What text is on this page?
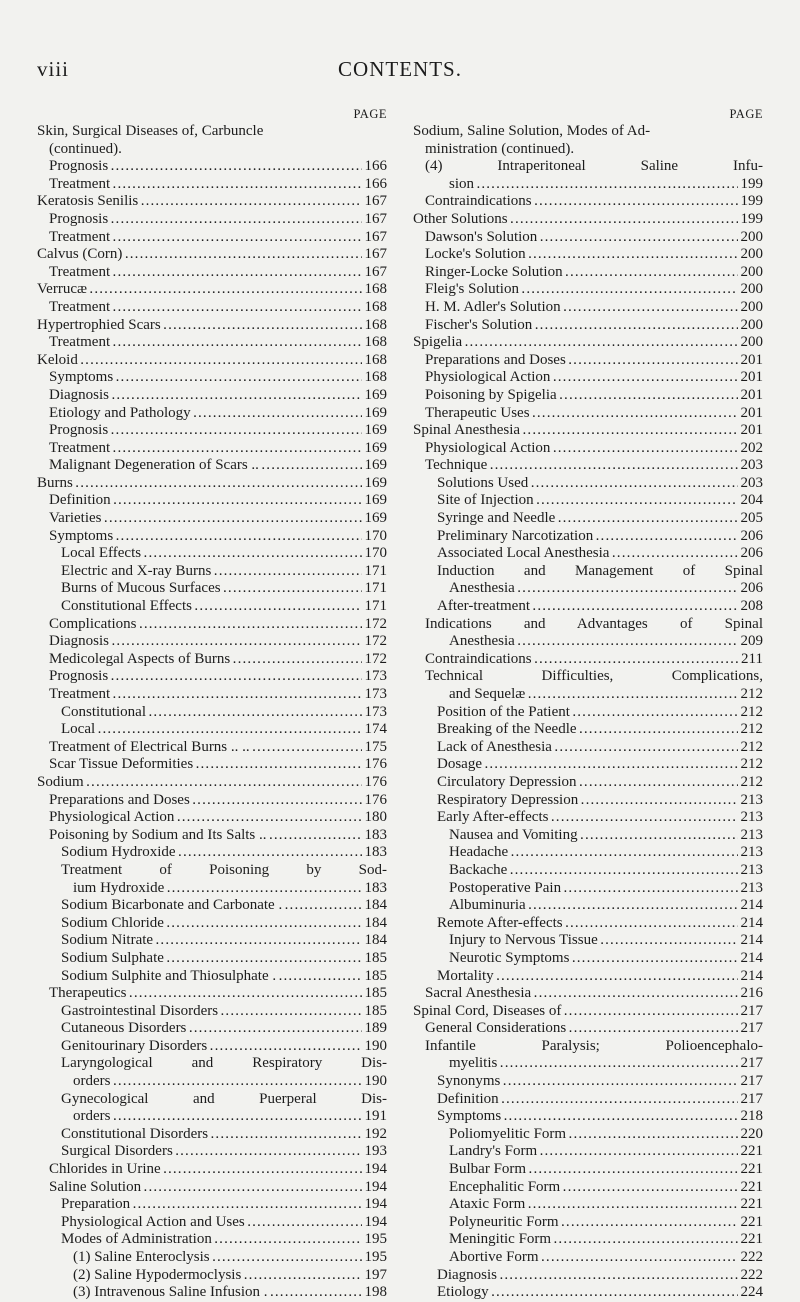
viii	CONTENTS.
PAGE
Skin, Surgical Diseases of, Carbuncle
(continued).
Prognosis . . .	166
Treatment . . .	166
Keratosis Senilis . . .	167
Prognosis . . .	167
Treatment . . .	167
Calvus (Corn) . . .	167
Treatment . . .	167
Verrucæ . . .	168
Treatment . . .	168
Hypertrophied Scars . . .	168
Treatment . . .	168
Keloid . . .	168
Symptoms . . .	168
Diagnosis . . .	169
Etiology and Pathology . . .	169
Prognosis . . .	169
Treatment . . .	169
Malignant Degeneration of Scars .. . . .	169
Burns . . .	169
Definition . . .	169
Varieties . . .	169
Symptoms . . .	170
Local Effects . . .	170
Electric and X-ray Burns . . .	171
Burns of Mucous Surfaces . . .	171
Constitutional Effects . . .	171
Complications . . .	172
Diagnosis . . .	172
Medicolegal Aspects of Burns . . .	172
Prognosis . . .	173
Treatment . . .	173
Constitutional . . .	173
Local . . .	174
Treatment of Electrical Burns .. .. . . .	175
Scar Tissue Deformities . . .	176
Sodium . . .	176
Preparations and Doses . . .	176
Physiological Action . . .	180
Poisoning by Sodium and Its Salts .. . . .	183
Sodium Hydroxide . . .	183
Treatment of Poisoning by Sod-
ium Hydroxide . . .	183
Sodium Bicarbonate and Carbonate . . . .	184
Sodium Chloride . . .	184
Sodium Nitrate . . .	184
Sodium Sulphate . . .	185
Sodium Sulphite and Thiosulphate . . . .	185
Therapeutics . . .	185
Gastrointestinal Disorders . . .	185
Cutaneous Disorders . . .	189
Genitourinary Disorders . . .	190
Laryngological and Respiratory Dis-
orders . . .	190
Gynecological and Puerperal Dis-
orders . . .	191
Constitutional Disorders . . .	192
Surgical Disorders . . .	193
Chlorides in Urine . . .	194
Saline Solution . . .	194
Preparation . . .	194
Physiological Action and Uses . . .	194
Modes of Administration . . .	195
(1) Saline Enteroclysis . . .	195
(2) Saline Hypodermoclysis . . .	197
(3) Intravenous Saline Infusion . . . .	198
PAGE
Sodium, Saline Solution, Modes of Ad-
ministration (continued).
(4) Intraperitoneal Saline Infu-
sion . . .	199
Contraindications . . .	199
Other Solutions . . .	199
Dawson's Solution . . .	200
Locke's Solution . . .	200
Ringer-Locke Solution . . .	200
Fleig's Solution . . .	200
H. M. Adler's Solution . . .	200
Fischer's Solution . . .	200
Spigelia . . .	200
Preparations and Doses . . .	201
Physiological Action . . .	201
Poisoning by Spigelia . . .	201
Therapeutic Uses . . .	201
Spinal Anesthesia . . .	201
Physiological Action . . .	202
Technique . . .	203
Solutions Used . . .	203
Site of Injection . . .	204
Syringe and Needle . . .	205
Preliminary Narcotization . . .	206
Associated Local Anesthesia . . .	206
Induction and Management of Spinal
Anesthesia . . .	206
After-treatment . . .	208
Indications and Advantages of Spinal
Anesthesia . . .	209
Contraindications . . .	211
Technical Difficulties, Complications,
and Sequelæ . . .	212
Position of the Patient . . .	212
Breaking of the Needle . . .	212
Lack of Anesthesia . . .	212
Dosage . . .	212
Circulatory Depression . . .	212
Respiratory Depression . . .	213
Early After-effects . . .	213
Nausea and Vomiting . . .	213
Headache . . .	213
Backache . . .	213
Postoperative Pain . . .	213
Albuminuria . . .	214
Remote After-effects . . .	214
Injury to Nervous Tissue . . .	214
Neurotic Symptoms . . .	214
Mortality . . .	214
Sacral Anesthesia . . .	216
Spinal Cord, Diseases of . . .	217
General Considerations . . .	217
Infantile Paralysis; Polioencephalo-
myelitis . . .	217
Synonyms . . .	217
Definition . . .	217
Symptoms . . .	218
Poliomyelitic Form . . .	220
Landry's Form . . .	221
Bulbar Form . . .	221
Encephalitic Form . . .	221
Ataxic Form . . .	221
Polyneuritic Form . . .	221
Meningitic Form . . .	221
Abortive Form . . .	222
Diagnosis . . .	222
Etiology . . .	224
